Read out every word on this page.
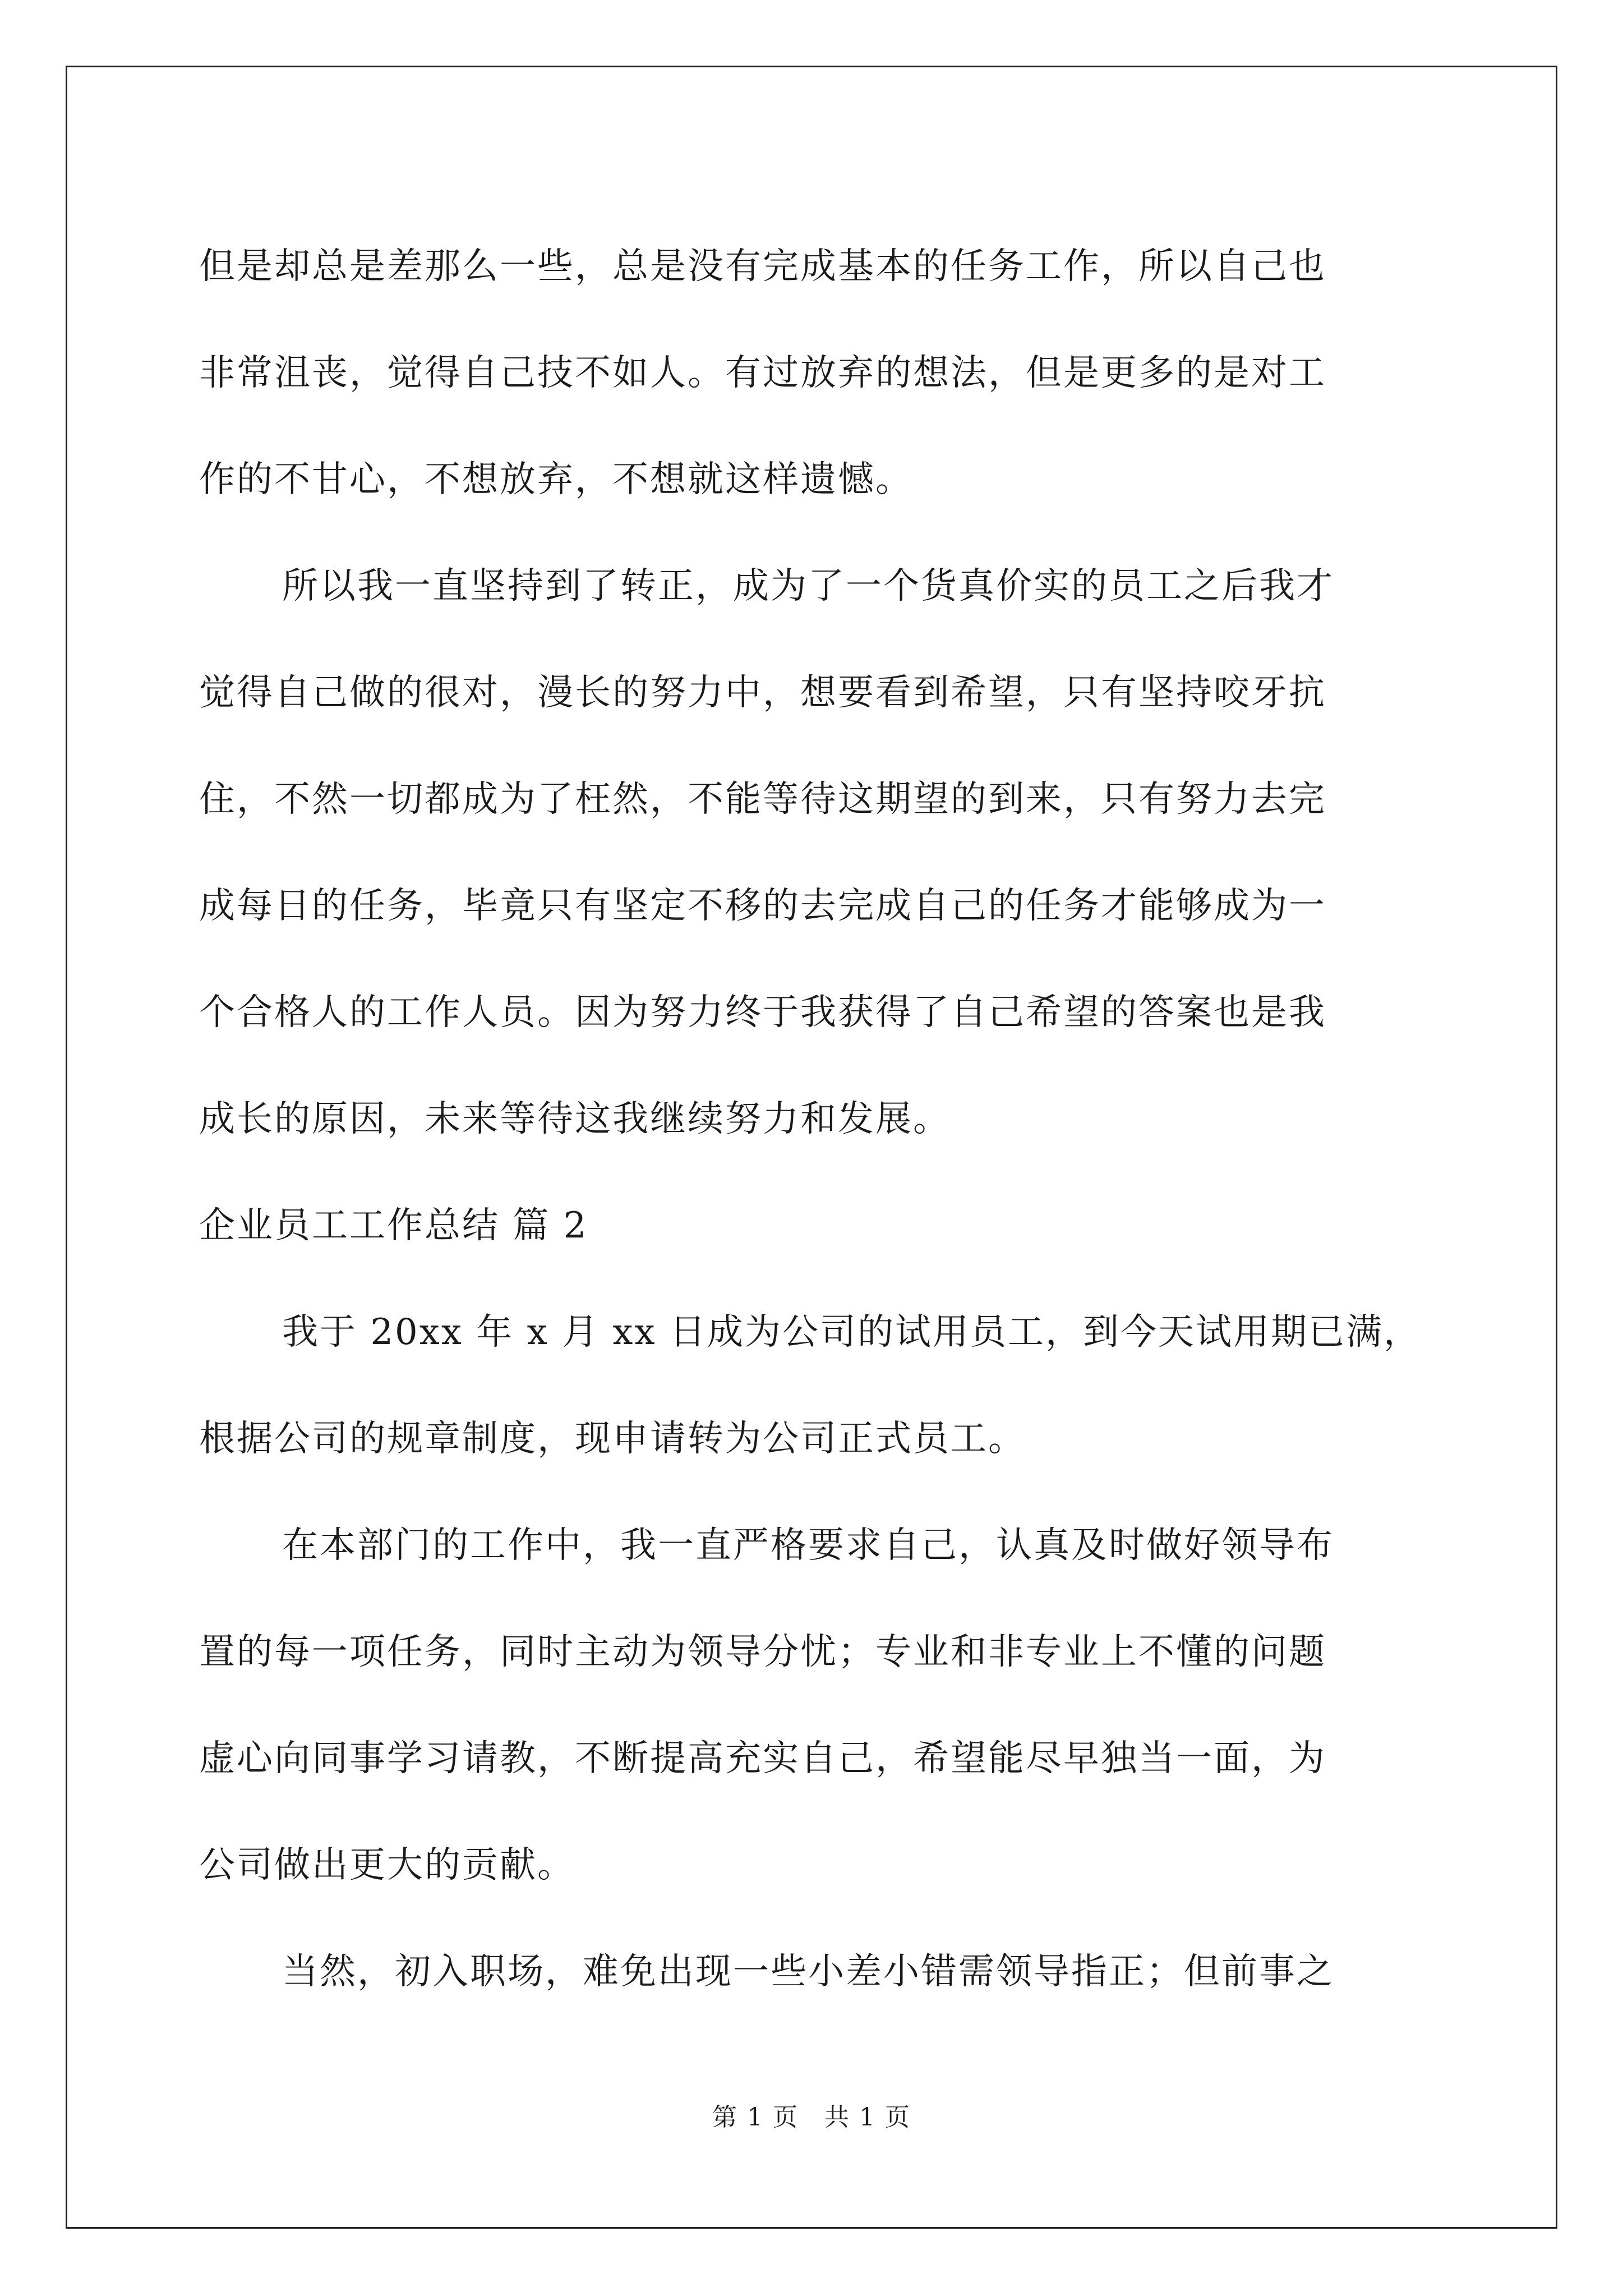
但是却总是差那么一些，总是没有完成基本的任务工作，所以自己也
非常沮丧，觉得自己技不如人。有过放弃的想法，但是更多的是对工
作的不甘心，不想放弃，不想就这样遗憾。
所以我一直坚持到了转正，成为了一个货真价实的员工之后我才
觉得自己做的很对，漫长的努力中，想要看到希望，只有坚持咬牙抗
住，不然一切都成为了枉然，不能等待这期望的到来，只有努力去完
成每日的任务，毕竟只有坚定不移的去完成自己的任务才能够成为一
个合格人的工作人员。因为努力终于我获得了自己希望的答案也是我
成长的原因，未来等待这我继续努力和发展。
企业员工工作总结 篇 2
我于 20xx 年 x 月 xx 日成为公司的试用员工，到今天试用期已满，
根据公司的规章制度，现申请转为公司正式员工。
在本部门的工作中，我一直严格要求自己，认真及时做好领导布
置的每一项任务，同时主动为领导分忧；专业和非专业上不懂的问题
虚心向同事学习请教，不断提高充实自己，希望能尽早独当一面，为
公司做出更大的贡献。
当然，初入职场，难免出现一些小差小错需领导指正；但前事之
第 1 页　共 1 页
